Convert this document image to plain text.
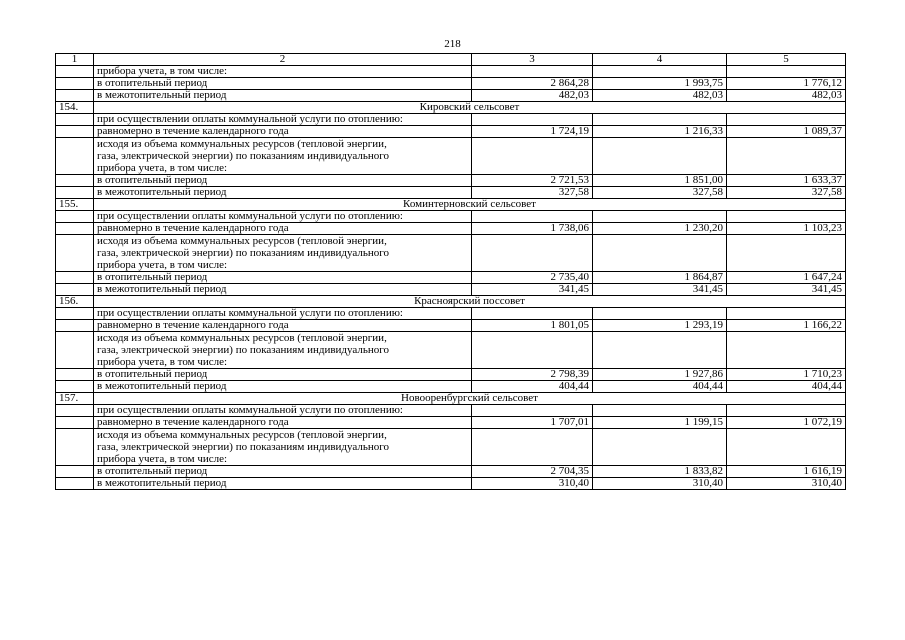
218
1	2	3	4	5
	прибора учета, в том числе:			
	в отопительный период	2 864,28	1 993,75	1 776,12
	в межотопительный период	482,03	482,03	482,03
154.	Кировский сельсовет			
	при осуществлении оплаты коммунальной услуги по отоплению:			
	равномерно в течение календарного года	1 724,19	1 216,33	1 089,37

	исходя из объема коммунальных ресурсов (тепловой энергии,
газа, электрической энергии) по показаниям индивидуального
прибора учета, в том числе:			

	в отопительный период	2 721,53	1 851,00	1 633,37
	в межотопительный период	327,58	327,58	327,58
155.	Коминтерновский сельсовет			
	при осуществлении оплаты коммунальной услуги по отоплению:			
	равномерно в течение календарного года	1 738,06	1 230,20	1 103,23

	исходя из объема коммунальных ресурсов (тепловой энергии,
газа, электрической энергии) по показаниям индивидуального
прибора учета, в том числе:			

	в отопительный период	2 735,40	1 864,87	1 647,24
	в межотопительный период	341,45	341,45	341,45
156.	Красноярский поссовет			
	при осуществлении оплаты коммунальной услуги по отоплению:			
	равномерно в течение календарного года	1 801,05	1 293,19	1 166,22

	исходя из объема коммунальных ресурсов (тепловой энергии,
газа, электрической энергии) по показаниям индивидуального
прибора учета, в том числе:			

	в отопительный период	2 798,39	1 927,86	1 710,23
	в межотопительный период	404,44	404,44	404,44
157.	Новооренбургский сельсовет			
	при осуществлении оплаты коммунальной услуги по отоплению:			
	равномерно в течение календарного года	1 707,01	1 199,15	1 072,19

	исходя из объема коммунальных ресурсов (тепловой энергии,
газа, электрической энергии) по показаниям индивидуального
прибора учета, в том числе:			

	в отопительный период	2 704,35	1 833,82	1 616,19
	в межотопительный период	310,40	310,40	310,40
